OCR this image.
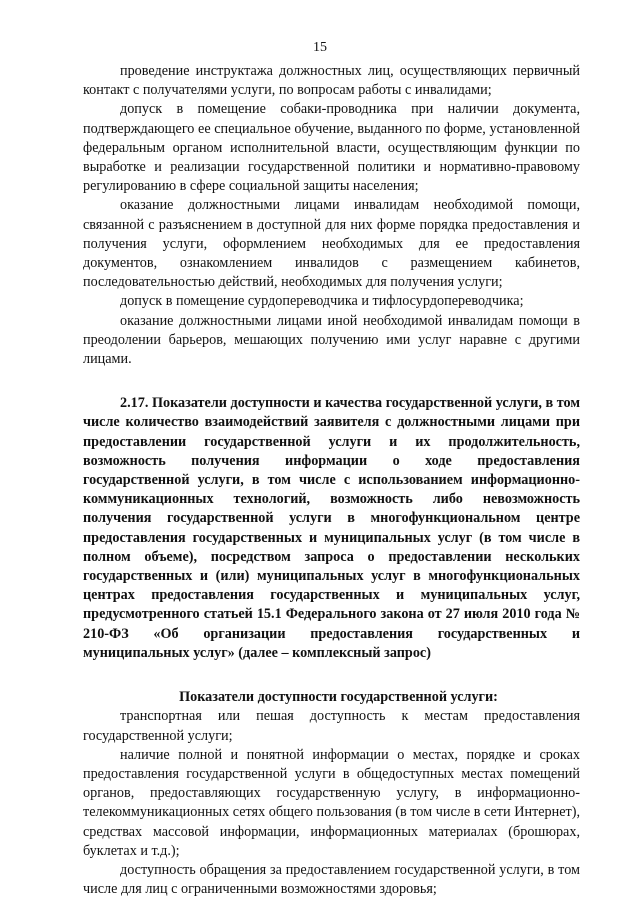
15

проведение инструктажа должностных лиц, осуществляющих первичный контакт с получателями услуги, по вопросам работы с инвалидами;

допуск в помещение собаки-проводника при наличии документа, подтверждающего ее специальное обучение, выданного по форме, установленной федеральным органом исполнительной власти, осуществляющим функции по выработке и реализации государственной политики и нормативно-правовому регулированию в сфере социальной защиты населения;

оказание должностными лицами инвалидам необходимой помощи, связанной с разъяснением в доступной для них форме порядка предоставления и получения услуги, оформлением необходимых для ее предоставления документов, ознакомлением инвалидов с размещением кабинетов, последовательностью действий, необходимых для получения услуги;

допуск в помещение сурдопереводчика и тифлосурдопереводчика;

оказание должностными лицами иной необходимой инвалидам помощи в преодолении барьеров, мешающих получению ими услуг наравне с другими лицами.

2.17. Показатели доступности и качества государственной услуги, в том числе количество взаимодействий заявителя с должностными лицами при предоставлении государственной услуги и их продолжительность, возможность получения информации о ходе предоставления государственной услуги, в том числе с использованием информационно-коммуникационных технологий, возможность либо невозможность получения государственной услуги в многофункциональном центре предоставления государственных и муниципальных услуг (в том числе в полном объеме), посредством запроса о предоставлении нескольких государственных и (или) муниципальных услуг в многофункциональных центрах предоставления государственных и муниципальных услуг, предусмотренного статьей 15.1 Федерального закона от 27 июля 2010 года № 210-ФЗ «Об организации предоставления государственных и муниципальных услуг» (далее – комплексный запрос)

Показатели доступности государственной услуги:

транспортная или пешая доступность к местам предоставления государственной услуги;

наличие полной и понятной информации о местах, порядке и сроках предоставления государственной услуги в общедоступных местах помещений органов, предоставляющих государственную услугу, в информационно-телекоммуникационных сетях общего пользования (в том числе в сети Интернет), средствах массовой информации, информационных материалах (брошюрах, буклетах и т.д.);

доступность обращения за предоставлением государственной услуги, в том числе для лиц с ограниченными возможностями здоровья;
